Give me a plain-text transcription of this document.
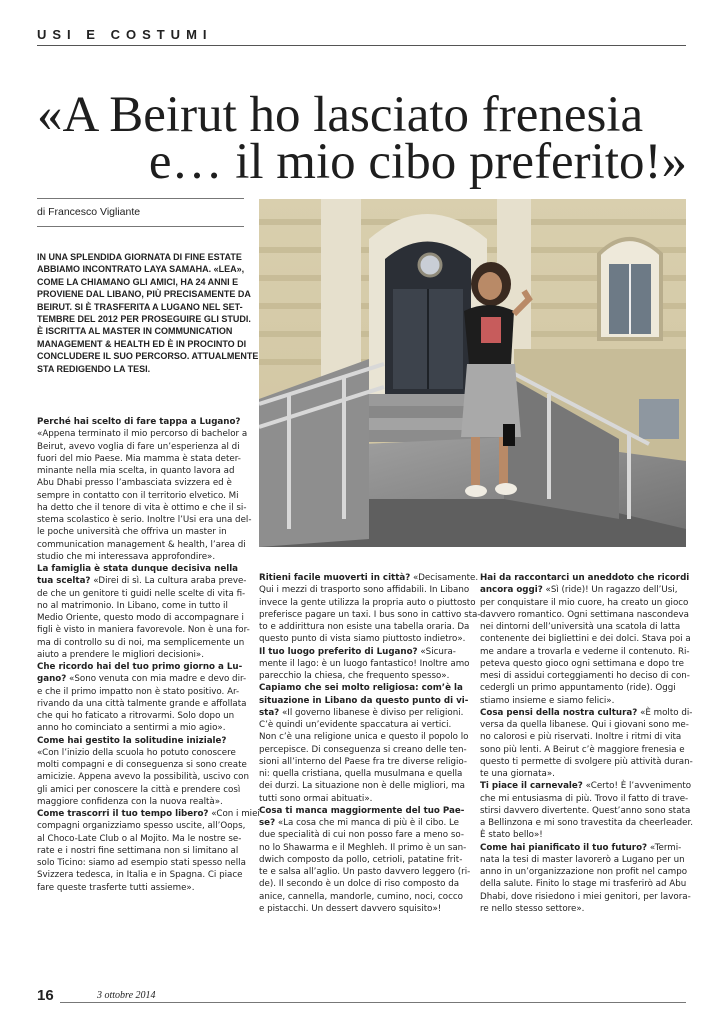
USI E COSTUMI
«A Beirut ho lasciato frenesia
e… il mio cibo preferito!»
di Francesco Vigliante

IN UNA SPLENDIDA GIORNATA DI FINE ESTATE

ABBIAMO INCONTRATO LAYA SAMAHA. «LEA»,

COME LA CHIAMANO GLI AMICI, HA 24 ANNI E

PROVIENE DAL LIBANO, PIÙ PRECISAMENTE DA

BEIRUT. SI È TRASFERITA A LUGANO NEL SET-

TEMBRE DEL 2012 PER PROSEGUIRE GLI STUDI.

È ISCRITTA AL MASTER IN COMMUNICATION

MANAGEMENT & HEALTH ED È IN PROCINTO DI

CONCLUDERE IL SUO PERCORSO. ATTUALMENTE

STA REDIGENDO LA TESI.

Perché hai scelto di fare tappa a Lugano?

«Appena terminato il mio percorso di bachelor a

Beirut, avevo voglia di fare un’esperienza al di

fuori del mio Paese. Mia mamma è stata deter-

minante nella mia scelta, in quanto lavora ad

Abu Dhabi presso l’ambasciata svizzera ed è

sempre in contatto con il territorio elvetico. Mi

ha detto che il tenore di vita è ottimo e che il si-

stema scolastico è serio. Inoltre l’Usi era una del-

le poche università che offriva un master in

communication management & health, l’area di

studio che mi interessava approfondire».

La famiglia è stata dunque decisiva nella

tua scelta? «Direi di sì. La cultura araba preve-

de che un genitore ti guidi nelle scelte di vita fi-

no al matrimonio. In Libano, come in tutto il

Medio Oriente, questo modo di accompagnare i

figli è visto in maniera favorevole. Non è una for-

ma di controllo su di noi, ma semplicemente un

aiuto a prendere le migliori decisioni».

Che ricordo hai del tuo primo giorno a Lu-

gano? «Sono venuta con mia madre e devo dir-

e che il primo impatto non è stato positivo. Ar-

rivando da una città talmente grande e affollata

che qui ho faticato a ritrovarmi. Solo dopo un

anno ho cominciato a sentirmi a mio agio».

Come hai gestito la solitudine iniziale?

«Con l’inizio della scuola ho potuto conoscere

molti compagni e di conseguenza si sono create

amicizie. Appena avevo la possibilità, uscivo con

gli amici per conoscere la città e prendere così

maggiore confidenza con la nuova realtà».

Come trascorri il tuo tempo libero? «Con i miei

compagni organizziamo spesso uscite, all’Oops,

al Choco-Late Club o al Mojito. Ma le nostre se-

rate e i nostri fine settimana non si limitano al

solo Ticino: siamo ad esempio stati spesso nella

Svizzera tedesca, in Italia e in Spagna. Ci piace

fare queste trasferte tutti assieme».

Ritieni facile muoverti in città? «Decisamente.

Qui i mezzi di trasporto sono affidabili. In Libano

invece la gente utilizza la propria auto o piuttosto

preferisce pagare un taxi. I bus sono in cattivo sta-

to e addirittura non esiste una tabella oraria. Da

questo punto di vista siamo piuttosto indietro».

Il tuo luogo preferito di Lugano? «Sicura-

mente il lago: è un luogo fantastico! Inoltre amo

parecchio la chiesa, che frequento spesso».

Capiamo che sei molto religiosa: com’è la

situazione in Libano da questo punto di vi-

sta? «Il governo libanese è diviso per religioni.

C’è quindi un’evidente spaccatura ai vertici.

Non c’è una religione unica e questo il popolo lo

percepisce. Di conseguenza si creano delle ten-

sioni all’interno del Paese fra tre diverse religio-

ni: quella cristiana, quella musulmana e quella

dei durzi. La situazione non è delle migliori, ma

tutti sono ormai abituati».

Cosa ti manca maggiormente del tuo Pae-

se? «La cosa che mi manca di più è il cibo. Le

due specialità di cui non posso fare a meno so-

no lo Shawarma e il Meghleh. Il primo è un san-

dwich composto da pollo, cetrioli, patatine frit-

te e salsa all’aglio. Un pasto davvero leggero (ri-

de). Il secondo è un dolce di riso composto da

anice, cannella, mandorle, cumino, noci, cocco

e pistacchi. Un dessert davvero squisito»!

Hai da raccontarci un aneddoto che ricordi

ancora oggi? «Sì (ride)! Un ragazzo dell’Usi,

per conquistare il mio cuore, ha creato un gioco

davvero romantico. Ogni settimana nascondeva

nei dintorni dell’università una scatola di latta

contenente dei bigliettini e dei dolci. Stava poi a

me andare a trovarla e vederne il contenuto. Ri-

peteva questo gioco ogni settimana e dopo tre

mesi di assidui corteggiamenti ho deciso di con-

cedergli un primo appuntamento (ride). Oggi

stiamo insieme e siamo felici».

Cosa pensi della nostra cultura? «È molto di-

versa da quella libanese. Qui i giovani sono me-

no calorosi e più riservati. Inoltre i ritmi di vita

sono più lenti. A Beirut c’è maggiore frenesia e

questo ti permette di svolgere più attività duran-

te una giornata».

Ti piace il carnevale? «Certo! È l’avvenimento

che mi entusiasma di più. Trovo il fatto di trave-

stirsi davvero divertente. Quest’anno sono stata

a Bellinzona e mi sono travestita da cheerleader.

È stato bello»!

Come hai pianificato il tuo futuro? «Termi-

nata la tesi di master lavorerò a Lugano per un

anno in un’organizzazione non profit nel campo

della salute. Finito lo stage mi trasferirò ad Abu

Dhabi, dove risiedono i miei genitori, per lavora-

re nello stesso settore».

16	3 ottobre 2014
